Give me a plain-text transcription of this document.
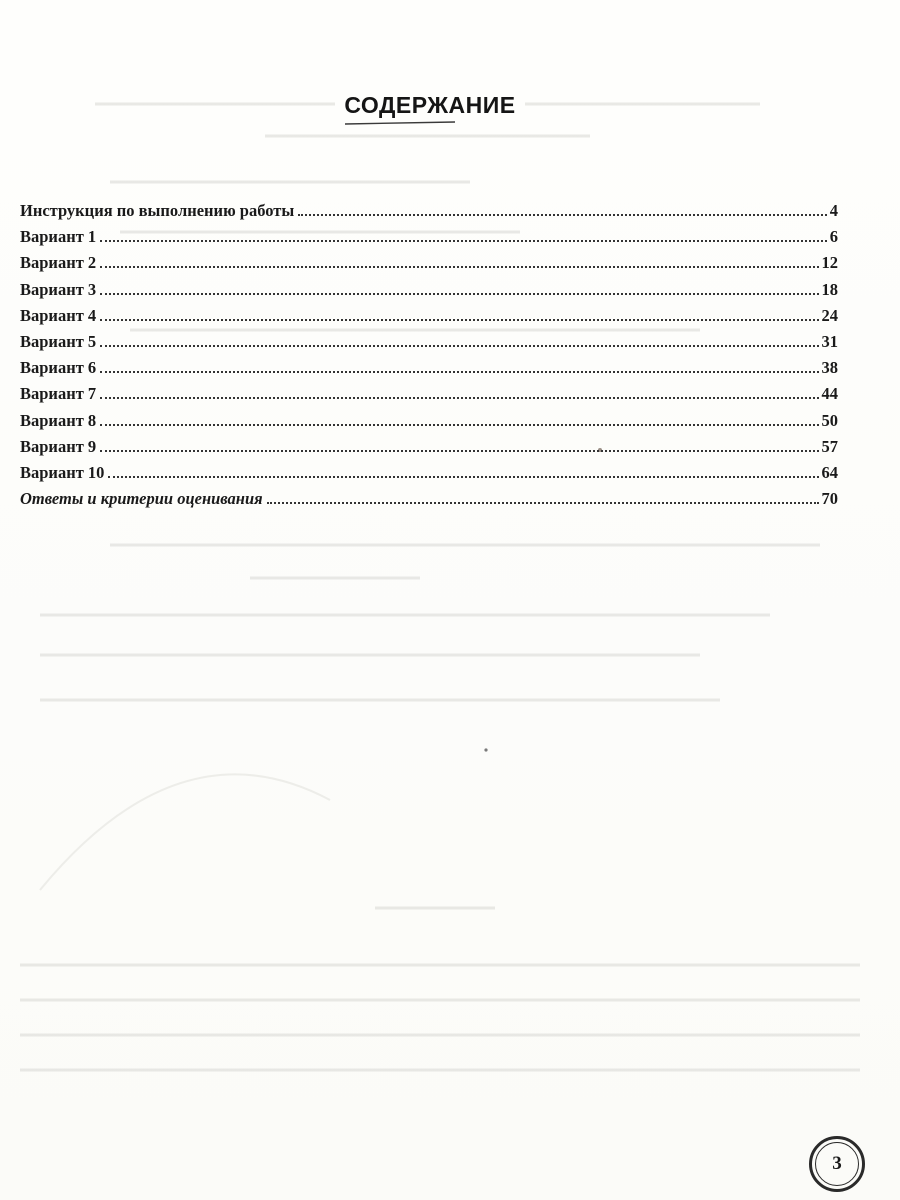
СОДЕРЖАНИЕ
Инструкция по выполнению работы	4
Вариант 1	6
Вариант 2	12
Вариант 3	18
Вариант 4	24
Вариант 5	31
Вариант 6	38
Вариант 7	44
Вариант 8	50
Вариант 9	57
Вариант 10	64
Ответы и критерии оценивания	70
3
